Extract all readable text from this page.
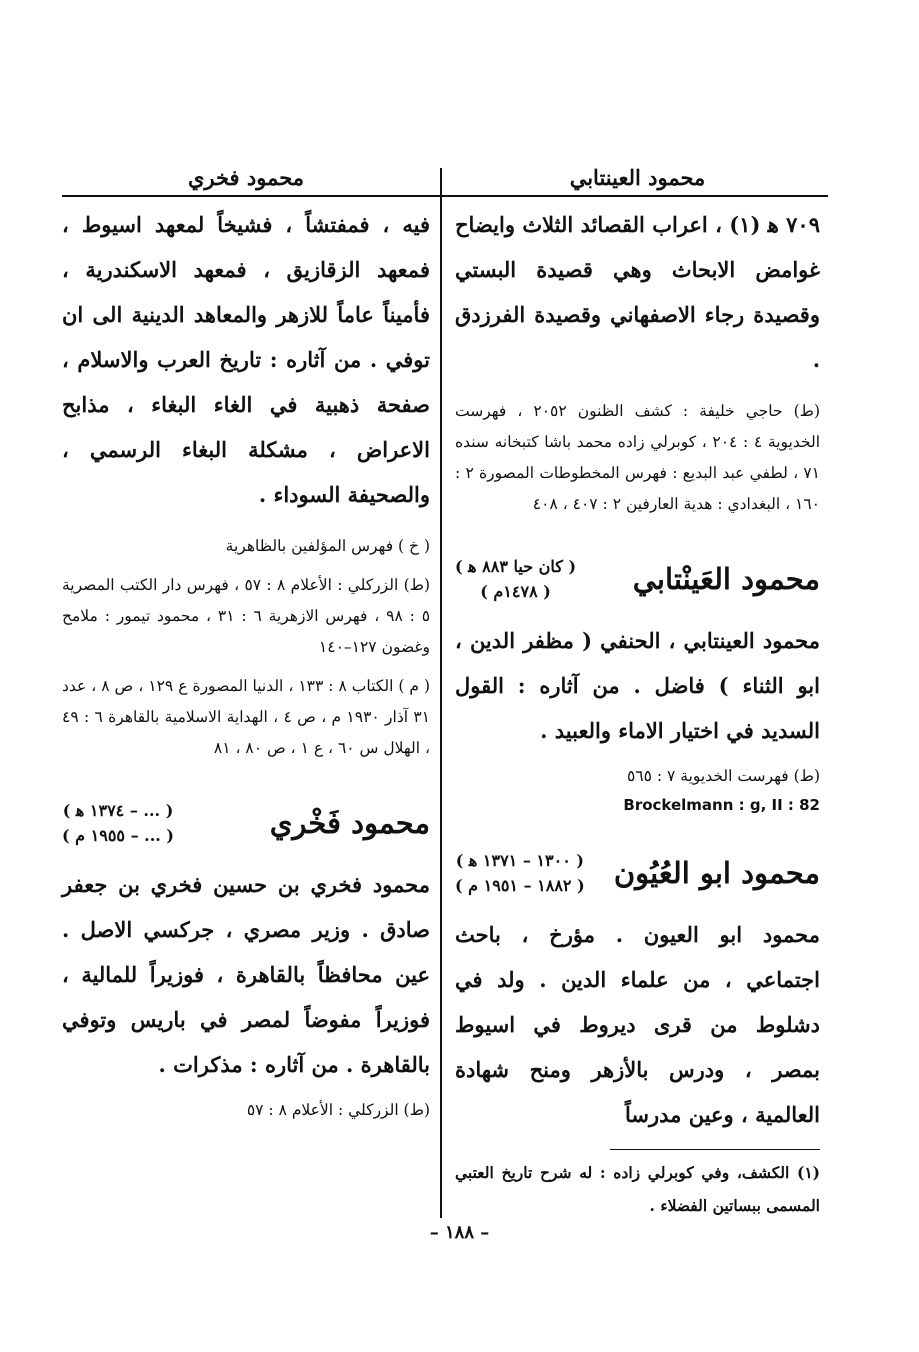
محمود العينتابي

٧٠٩ ﻫ (١) ، اعراب القصائد الثلاث وايضاح غوامض الابحاث وهي قصيدة البستي وقصيدة رجاء الاصفهاني وقصيدة الفرزدق .

(ط) حاجي خليفة : كشف الظنون ٢٠٥٢ ، فهرست الخديوية ٤ : ٢٠٤ ، كوبرلي زاده محمد باشا كتبخانه سنده ٧١ ، لطفي عبد البديع : فهرس المخطوطات المصورة ٢ : ١٦٠ ، البغدادي : هدية العارفين ٢ : ٤٠٧ ، ٤٠٨

محمود العَينْتابي
( كان حيا ٨٨٣ ﻫ )
( ١٤٧٨م )

محمود العينتابي ، الحنفي ( مظفر الدين ، ابو الثناء ) فاضل . من آثاره : القول السديد في اختيار الاماء والعبيد .

(ط) فهرست الخديوية ٧ : ٥٦٥

Brockelmann : g, II : 82
محمود ابو العُيُون
( ١٣٠٠ – ١٣٧١ ﻫ )
( ١٨٨٢ – ١٩٥١ م )

محمود ابو العيون . مؤرخ ، باحث اجتماعي ، من علماء الدين . ولد في دشلوط من قرى ديروط في اسيوط بمصر ، ودرس بالأزهر ومنح شهادة العالمية ، وعين مدرساً

(١) الكشف، وفي كوبرلي زاده : له شرح تاريخ العتبي المسمى ببساتين الفضلاء .
محمود فخري

فيه ، فمفتشاً ، فشيخاً لمعهد اسيوط ، فمعهد الزقازيق ، فمعهد الاسكندرية ، فأميناً عاماً للازهر والمعاهد الدينية الى ان توفي . من آثاره : تاريخ العرب والاسلام ، صفحة ذهبية في الغاء البغاء ، مذابح الاعراض ، مشكلة البغاء الرسمي ، والصحيفة السوداء .

( خ ) فهرس المؤلفين بالظاهرية

(ط) الزركلي : الأعلام ٨ : ٥٧ ، فهرس دار الكتب المصرية ٥ : ٩٨ ، فهرس الازهرية ٦ : ٣١ ، محمود تيمور : ملامح وغضون ١٢٧–١٤٠

( م ) الكتاب ٨ : ١٣٣ ، الدنيا المصورة ع ١٢٩ ، ص ٨ ، عدد ٣١ آذار ١٩٣٠ م ، ص ٤ ، الهداية الاسلامية بالقاهرة ٦ : ٤٩ ، الهلال س ٦٠ ، ع ١ ، ص ٨٠ ، ٨١

محمود فَخْري
( ... – ١٣٧٤ ﻫ )
( ... – ١٩٥٥ م )

محمود فخري بن حسين فخري بن جعفر صادق . وزير مصري ، جركسي الاصل . عين محافظاً بالقاهرة ، فوزيراً للمالية ، فوزيراً مفوضاً لمصر في باريس وتوفي بالقاهرة . من آثاره : مذكرات .

(ط) الزركلي : الأعلام ٨ : ٥٧

– ١٨٨ –
